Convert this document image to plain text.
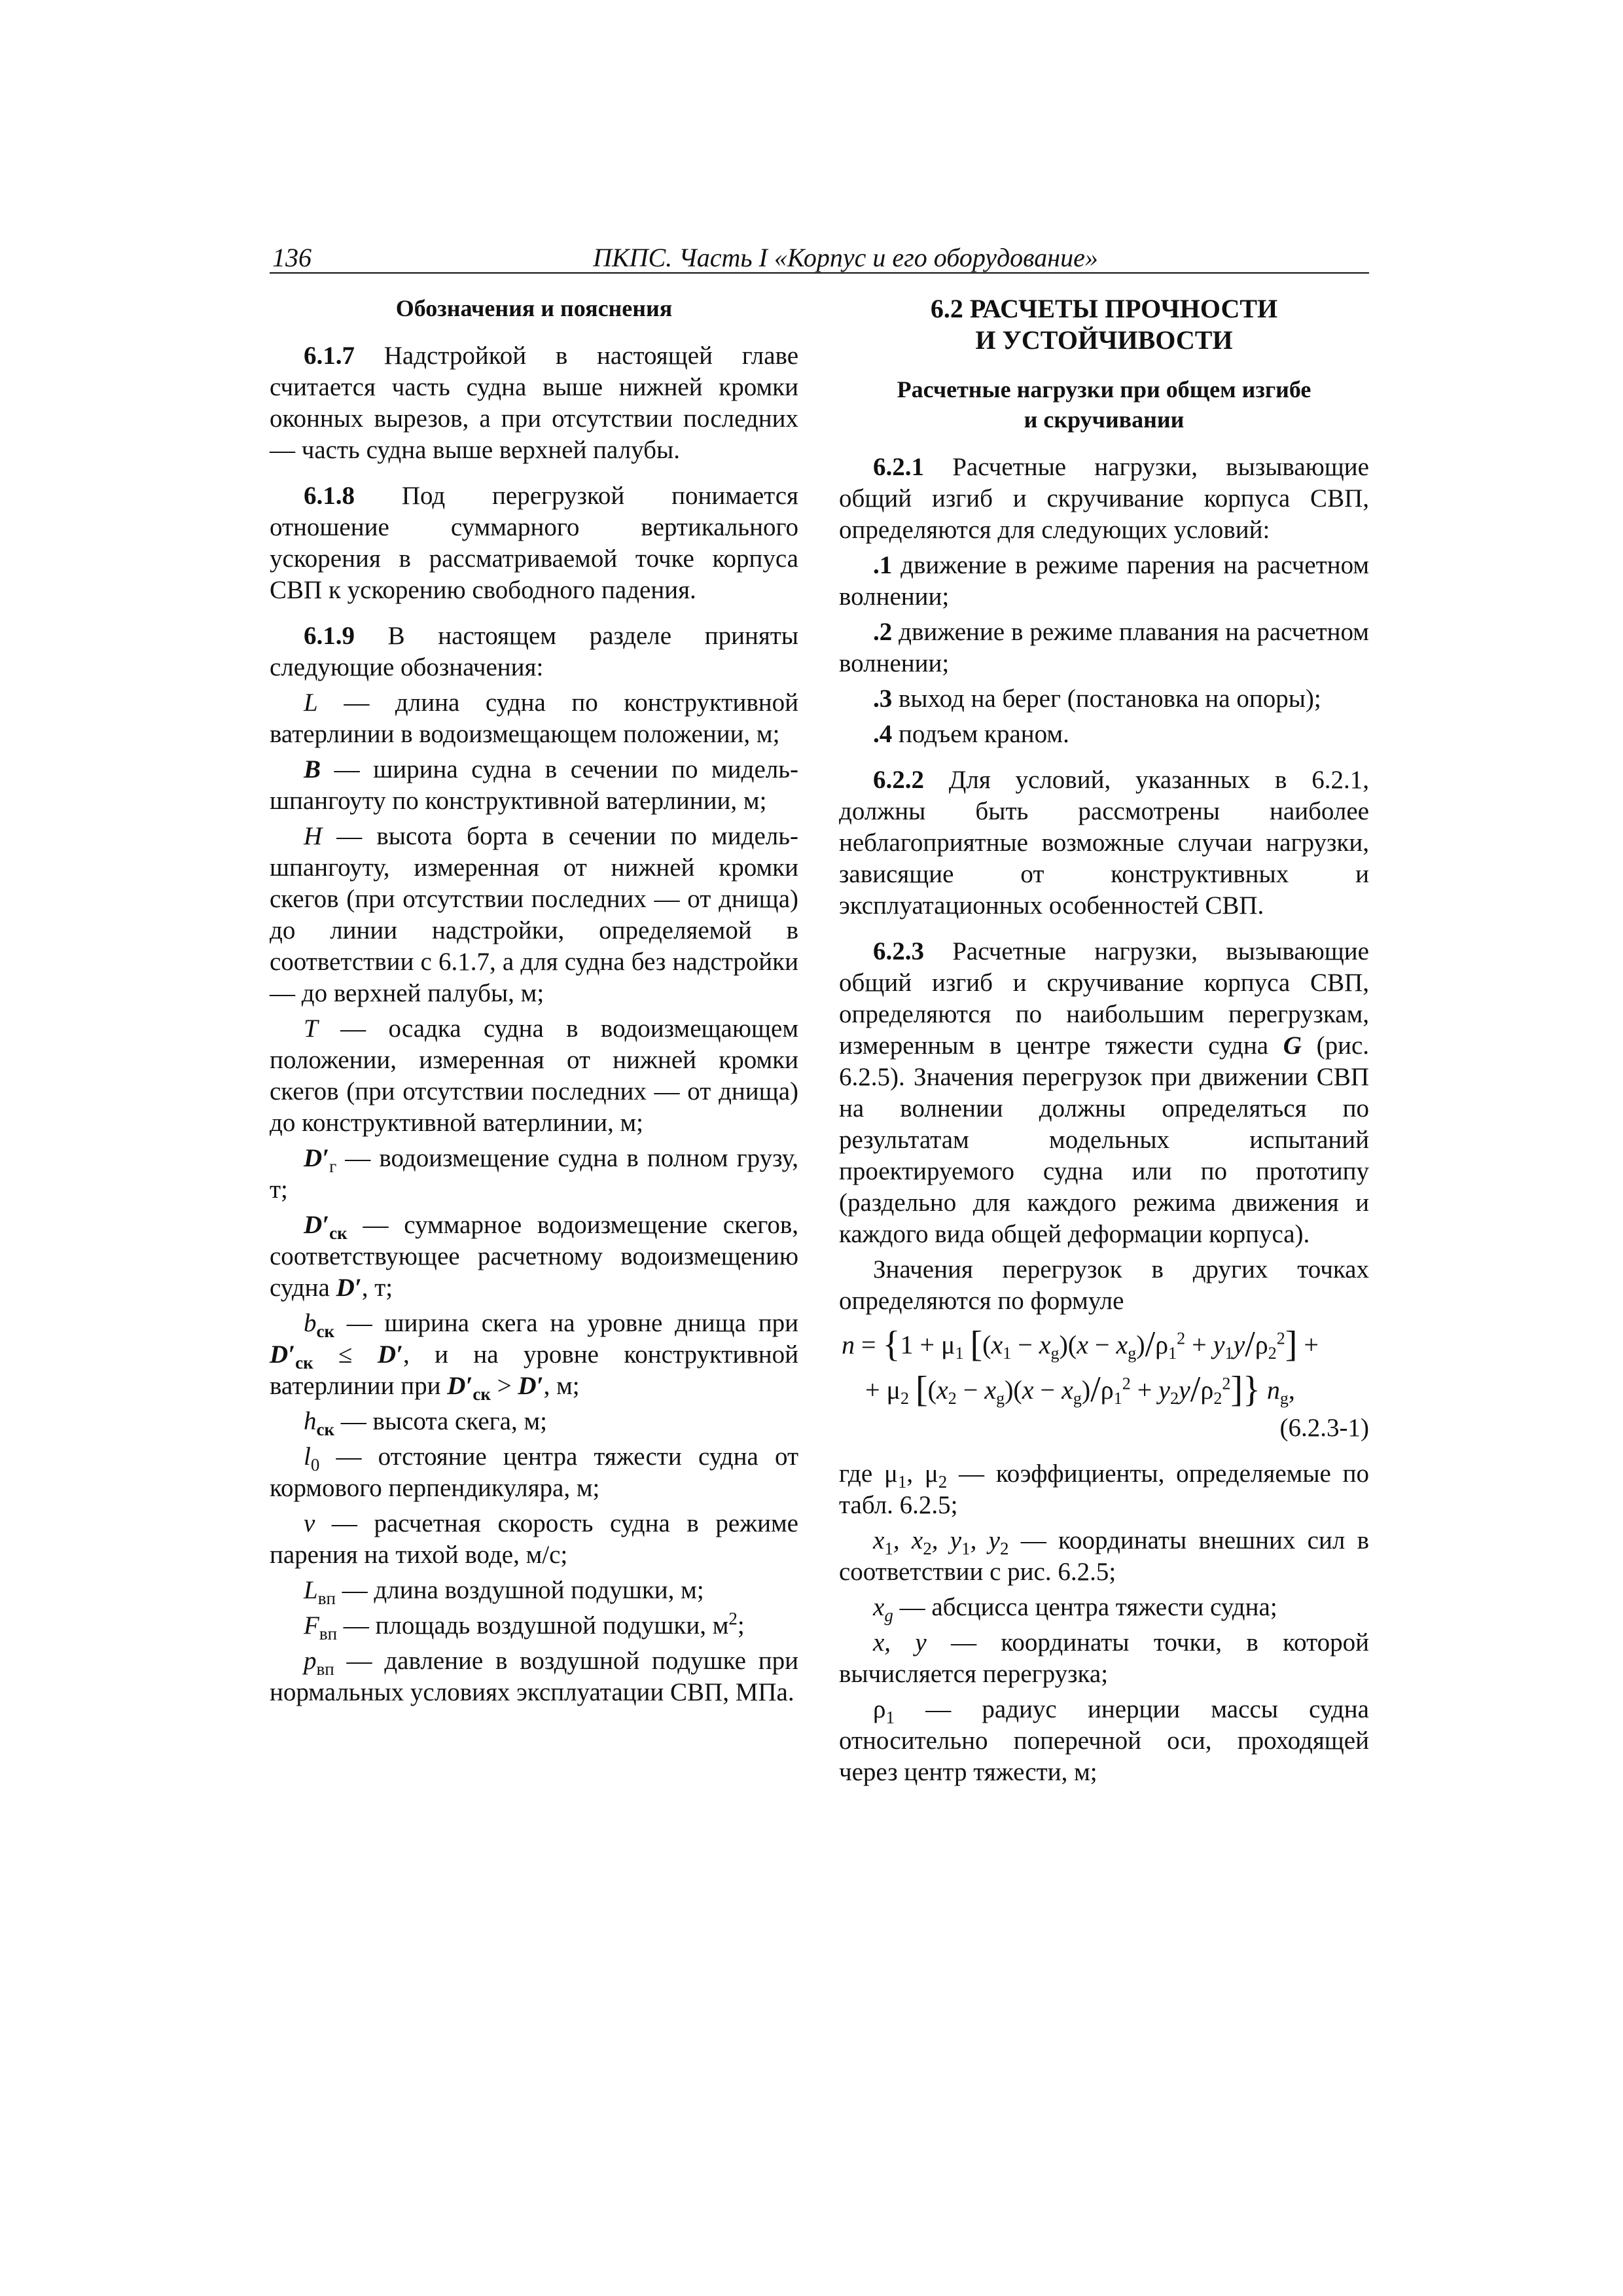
136	ПКПС. Часть I «Корпус и его оборудование»

Обозначения и пояснения

6.1.7 Надстройкой в настоящей главе считается часть судна выше нижней кромки оконных вырезов, а при отсутствии последних — часть судна выше верхней палубы.

6.1.8 Под перегрузкой понимается отношение суммарного вертикального ускорения в рассматриваемой точке корпуса СВП к ускорению свободного падения.

6.1.9 В настоящем разделе приняты следующие обозначения:

L — длина судна по конструктивной ватерлинии в водоизмещающем положении, м;

B — ширина судна в сечении по мидель-шпангоуту по конструктивной ватерлинии, м;

H — высота борта в сечении по мидель-шпангоуту, измеренная от нижней кромки скегов (при отсутствии последних — от днища) до линии надстройки, определяемой в соответствии с 6.1.7, а для судна без надстройки — до верхней палубы, м;

T — осадка судна в водоизмещающем положении, измеренная от нижней кромки скегов (при отсутствии последних — от днища) до конструктивной ватерлинии, м;

$D'_г$ — водоизмещение судна в полном грузу, т;

$D'_{ск}$ — суммарное водоизмещение скегов, соответствующее расчетному водоизмещению судна D′, т;

$b_{ск}$ — ширина скега на уровне днища при $D'_{ск} \le D'$, и на уровне конструктивной ватерлинии при $D'_{ск} > D'$, м;

$h_{ск}$ — высота скега, м;

$l_0$ — отстояние центра тяжести судна от кормового перпендикуляра, м;

v — расчетная скорость судна в режиме парения на тихой воде, м/с;

$L_{вп}$ — длина воздушной подушки, м;

$F_{вп}$ — площадь воздушной подушки, $м^2$;

$p_{вп}$ — давление в воздушной подушке при нормальных условиях эксплуатации СВП, МПа.

6.2 РАСЧЕТЫ ПРОЧНОСТИ
И УСТОЙЧИВОСТИ

Расчетные нагрузки при общем изгибе
и скручивании

6.2.1 Расчетные нагрузки, вызывающие общий изгиб и скручивание корпуса СВП, определяются для следующих условий:

.1 движение в режиме парения на расчетном волнении;

.2 движение в режиме плавания на расчетном волнении;

.3 выход на берег (постановка на опоры);

.4 подъем краном.

6.2.2 Для условий, указанных в 6.2.1, должны быть рассмотрены наиболее неблагоприятные возможные случаи нагрузки, зависящие от конструктивных и эксплуатационных особенностей СВП.

6.2.3 Расчетные нагрузки, вызывающие общий изгиб и скручивание корпуса СВП, определяются по наибольшим перегрузкам, измеренным в центре тяжести судна G (рис. 6.2.5). Значения перегрузок при движении СВП на волнении должны определяться по результатам модельных испытаний проектируемого судна или по прототипу (раздельно для каждого режима движения и каждого вида общей деформации корпуса).

Значения перегрузок в других точках определяются по формуле

$n = \{1 + \mu_1$ $[(x_1 - x_g)(x - x_g)/\rho_1^2 + y_1y/\rho_2^2]$ +
+ $\mu_2$ $[(x_2 - x_g)(x - x_g)/\rho_1^2 + y_2y/\rho_2^2]$} $n_g$,

(6.2.3-1)

где $\mu_1$, $\mu_2$ — коэффициенты, определяемые по табл. 6.2.5;

$x_1$, $x_2$, $y_1$, $y_2$ — координаты внешних сил в соответствии с рис. 6.2.5;

$x_g$ — абсцисса центра тяжести судна;

x, y — координаты точки, в которой вычисляется перегрузка;

$\rho_1$ — радиус инерции массы судна относительно поперечной оси, проходящей через центр тяжести, м;
